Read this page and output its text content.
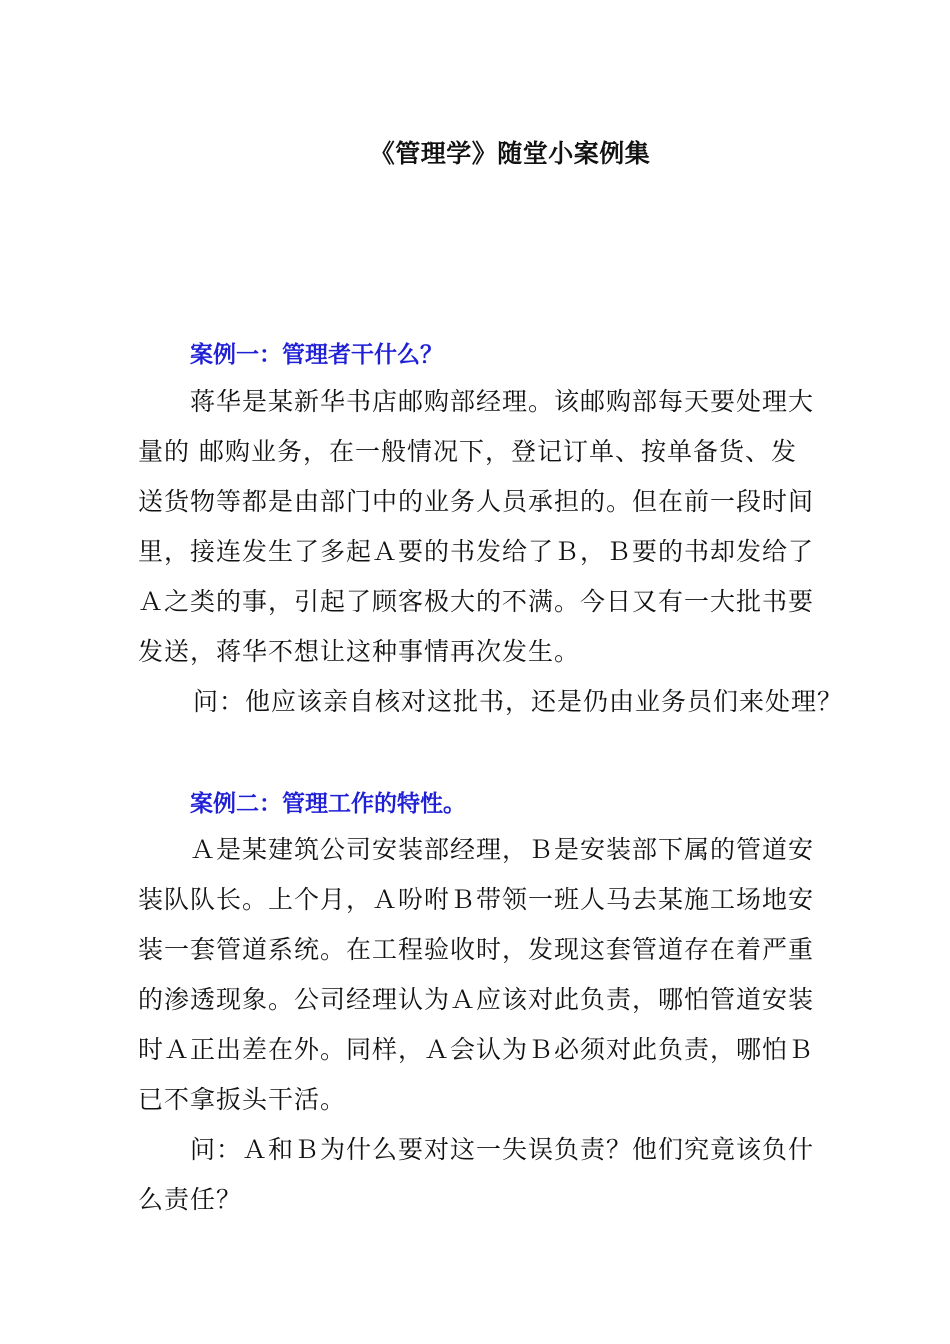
《管理学》随堂小案例集
案例一：管理者干什么？

蒋华是某新华书店邮购部经理。该邮购部每天要处理大量的 邮购业务，在一般情况下，登记订单、按单备货、发送货物等都是由部门中的业务人员承担的。但在前一段时间里，接连发生了多起Ａ要的书发给了Ｂ，Ｂ要的书却发给了Ａ之类的事，引起了顾客极大的不满。今日又有一大批书要发送，蒋华不想让这种事情再次发生。

问：他应该亲自核对这批书，还是仍由业务员们来处理？

案例二：管理工作的特性。

Ａ是某建筑公司安装部经理，Ｂ是安装部下属的管道安装队队长。上个月，Ａ吩咐Ｂ带领一班人马去某施工场地安装一套管道系统。在工程验收时，发现这套管道存在着严重的渗透现象。公司经理认为Ａ应该对此负责，哪怕管道安装时Ａ正出差在外。同样，Ａ会认为Ｂ必须对此负责，哪怕Ｂ已不拿扳头干活。

问：Ａ和Ｂ为什么要对这一失误负责？他们究竟该负什么责任？
